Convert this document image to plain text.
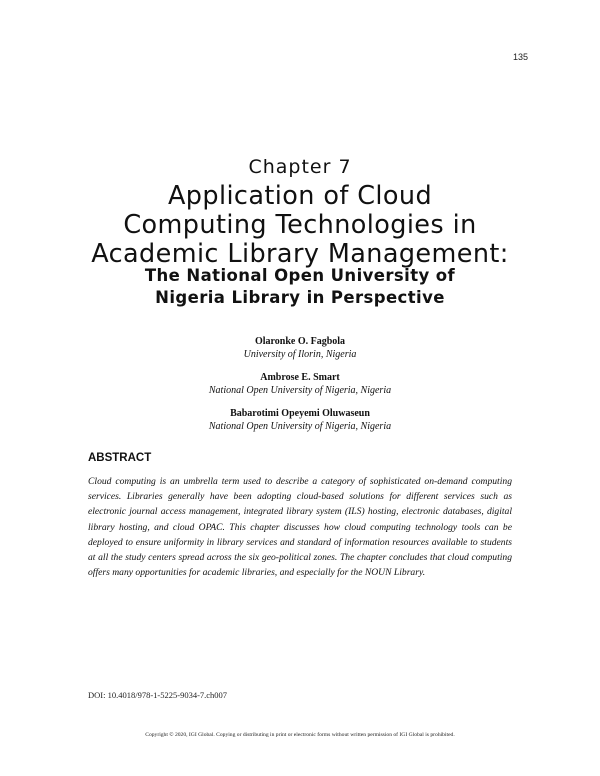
135
Chapter 7
Application of Cloud
Computing Technologies in
Academic Library Management:
The National Open University of
Nigeria Library in Perspective
Olaronke O. Fagbola
University of Ilorin, Nigeria
Ambrose E. Smart
National Open University of Nigeria, Nigeria
Babarotimi Opeyemi Oluwaseun
National Open University of Nigeria, Nigeria
ABSTRACT

Cloud computing is an umbrella term used to describe a category of sophisticated on-demand computing services. Libraries generally have been adopting cloud-based solutions for different services such as electronic journal access management, integrated library system (ILS) hosting, electronic databases, digital library hosting, and cloud OPAC. This chapter discusses how cloud computing technology tools can be deployed to ensure uniformity in library services and standard of information resources available to students at all the study centers spread across the six geo-political zones. The chapter concludes that cloud computing offers many opportunities for academic libraries, and especially for the NOUN Library.

DOI: 10.4018/978-1-5225-9034-7.ch007
Copyright © 2020, IGI Global. Copying or distributing in print or electronic forms without written permission of IGI Global is prohibited.
